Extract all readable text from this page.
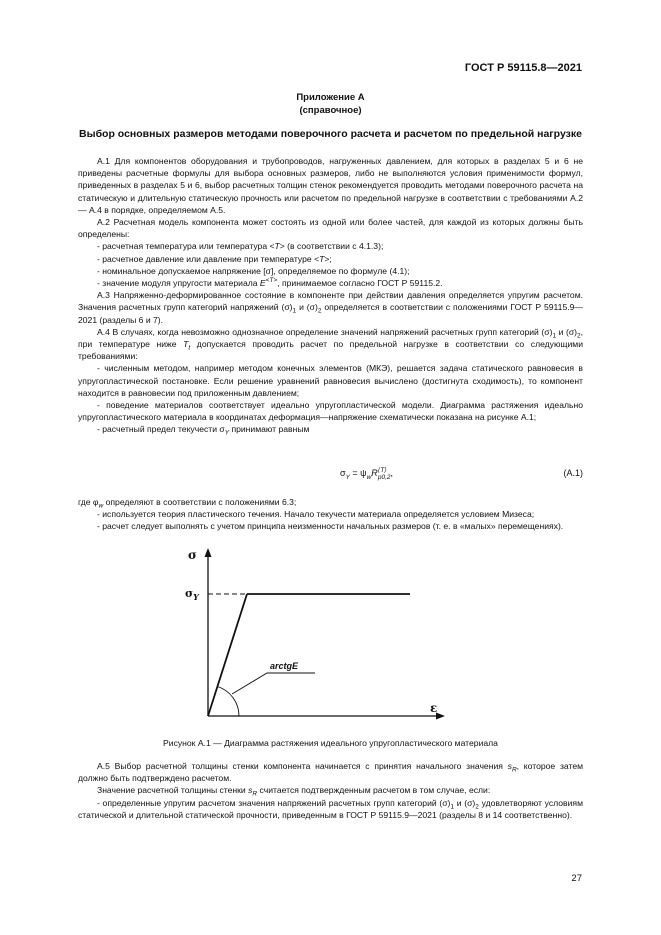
ГОСТ Р 59115.8—2021
Приложение А
(справочное)
Выбор основных размеров методами поверочного расчета и расчетом по предельной нагрузке

А.1 Для компонентов оборудования и трубопроводов, нагруженных давлением, для которых в разделах 5 и 6 не приведены расчетные формулы для выбора основных размеров, либо не выполняются условия применимости формул, приведенных в разделах 5 и 6, выбор расчетных толщин стенок рекомендуется проводить методами поверочного расчета на статическую и длительную статическую прочность или расчетом по предельной нагрузке в соответствии с требованиями А.2 — А.4 в порядке, определяемом А.5.

А.2 Расчетная модель компонента может состоять из одной или более частей, для каждой из которых должны быть определены:

- расчетная температура или температура <T> (в соответствии с 4.1.3);

- расчетное давление или давление при температуре <T>;

- номинальное допускаемое напряжение [σ], определяемое по формуле (4.1);

- значение модуля упругости материала $E^{<T>}$, принимаемое согласно ГОСТ Р 59115.2.

А.3 Напряженно-деформированное состояние в компоненте при действии давления определяется упругим расчетом. Значения расчетных групп категорий напряжений $(\sigma)_1$ и $(\sigma)_2$ определяется в соответствии с положениями ГОСТ Р 59115.9—2021 (разделы 6 и 7).

А.4 В случаях, когда невозможно однозначное определение значений напряжений расчетных групп категорий $(\sigma)_1$ и $(\sigma)_2$, при температуре ниже $T_t$ допускается проводить расчет по предельной нагрузке в соответствии со следующими требованиями:

- численным методом, например методом конечных элементов (МКЭ), решается задача статического равновесия в упругопластической постановке. Если решение уравнений равновесия вычислено (достигнута сходимость), то компонент находится в равновесии под приложенным давлением;

- поведение материалов соответствует идеально упругопластической модели. Диаграмма растяжения идеально упругопластического материала в координатах деформация—напряжение схематически показана на рисунке А.1;

- расчетный предел текучести $\sigma_Y$ принимают равным

$\sigma_Y = \psi_wR^{⟨T⟩}_{p0,2}$,	(А.1)

где $\varphi_w$ определяют в соответствии с положениями 6.3;

- используется теория пластического течения. Начало текучести материала определяется условием Мизеса;

- расчет следует выполнять с учетом принципа неизменности начальных размеров (т. е. в «малых» перемещениях).

σ
$\sigma_Y$
ε
arctgE
Рисунок А.1 — Диаграмма растяжения идеального упругопластического материала

А.5 Выбор расчетной толщины стенки компонента начинается с принятия начального значения $s_R$, которое затем должно быть подтверждено расчетом.

Значение расчетной толщины стенки $s_R$ считается подтвержденным расчетом в том случае, если:

- определенные упругим расчетом значения напряжений расчетных групп категорий $(\sigma)_1$ и $(\sigma)_2$ удовлетворяют условиям статической и длительной статической прочности, приведенным в ГОСТ Р 59115.9—2021 (разделы 8 и 14 соответственно).

27
